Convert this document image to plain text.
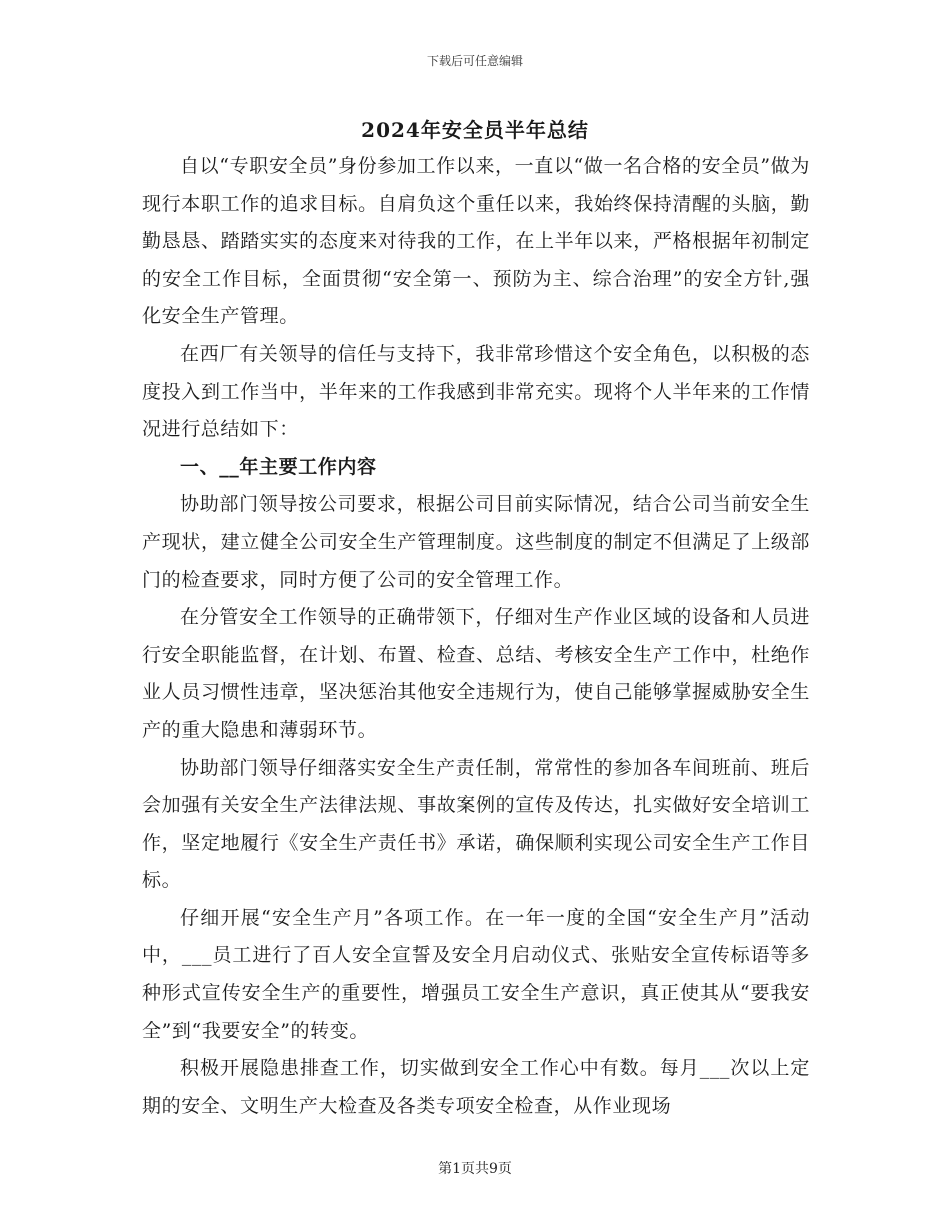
下载后可任意编辑
2024年安全员半年总结

自以“专职安全员”身份参加工作以来，一直以“做一名合格的安全员”做为现行本职工作的追求目标。自肩负这个重任以来，我始终保持清醒的头脑，勤勤恳恳、踏踏实实的态度来对待我的工作，在上半年以来，严格根据年初制定的安全工作目标，全面贯彻“安全第一、预防为主、综合治理”的安全方针,强化安全生产管理。

在西厂有关领导的信任与支持下，我非常珍惜这个安全角色，以积极的态度投入到工作当中，半年来的工作我感到非常充实。现将个人半年来的工作情况进行总结如下：

一、__年主要工作内容

协助部门领导按公司要求，根据公司目前实际情况，结合公司当前安全生产现状，建立健全公司安全生产管理制度。这些制度的制定不但满足了上级部门的检查要求，同时方便了公司的安全管理工作。

在分管安全工作领导的正确带领下，仔细对生产作业区域的设备和人员进行安全职能监督，在计划、布置、检查、总结、考核安全生产工作中，杜绝作业人员习惯性违章，坚决惩治其他安全违规行为，使自己能够掌握威胁安全生产的重大隐患和薄弱环节。

协助部门领导仔细落实安全生产责任制，常常性的参加各车间班前、班后会加强有关安全生产法律法规、事故案例的宣传及传达，扎实做好安全培训工作，坚定地履行《安全生产责任书》承诺，确保顺利实现公司安全生产工作目标。

仔细开展“安全生产月”各项工作。在一年一度的全国“安全生产月”活动中，___员工进行了百人安全宣誓及安全月启动仪式、张贴安全宣传标语等多种形式宣传安全生产的重要性，增强员工安全生产意识，真正使其从“要我安全”到“我要安全”的转变。

积极开展隐患排查工作，切实做到安全工作心中有数。每月___次以上定期的安全、文明生产大检查及各类专项安全检查，从作业现场

第1页共9页
